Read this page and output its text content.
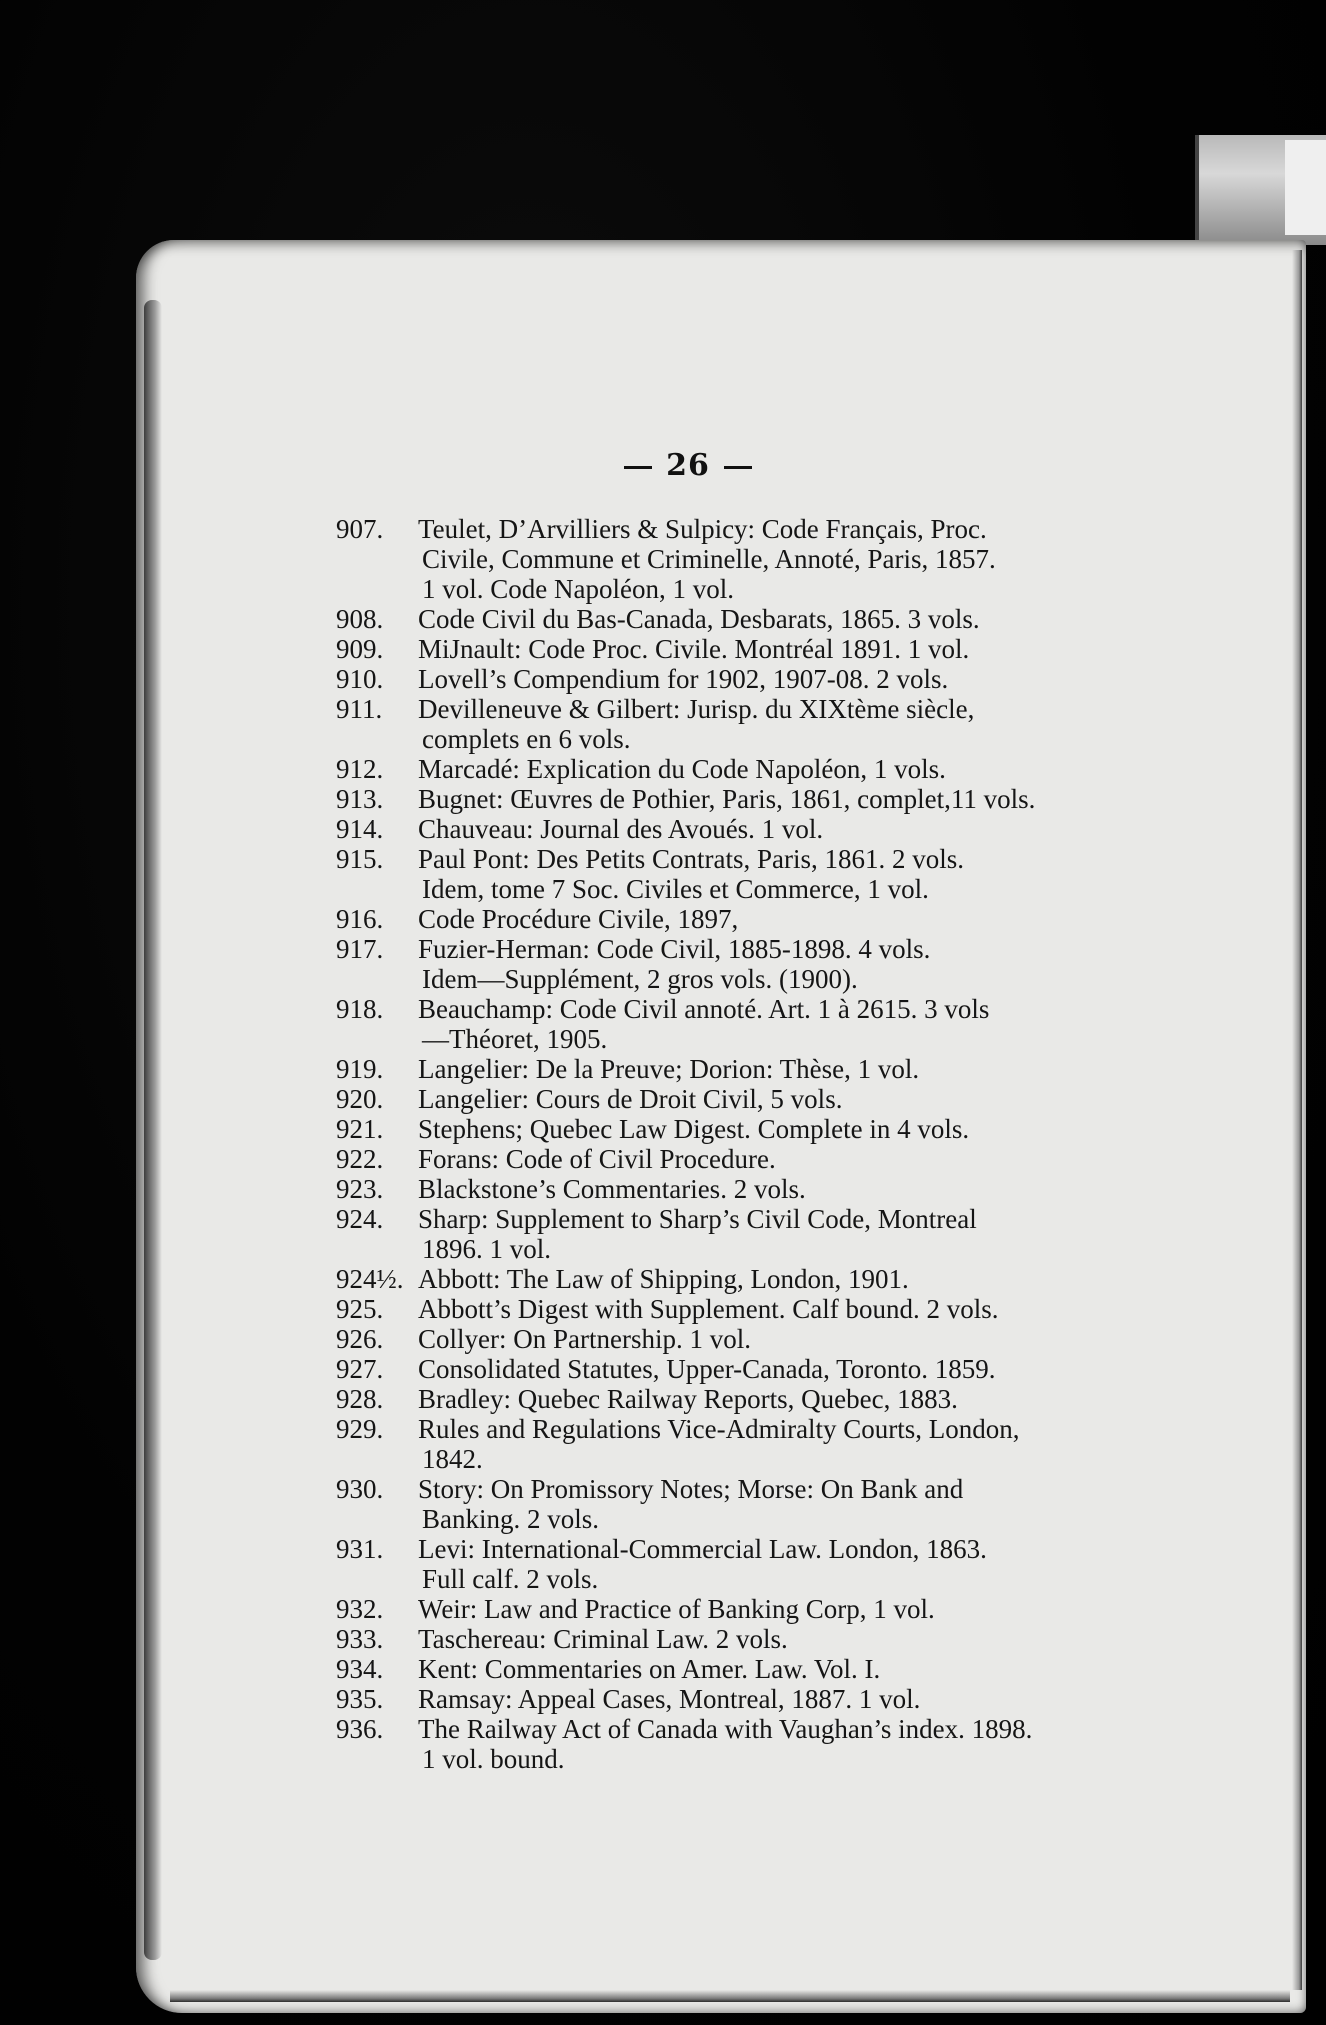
26
907.	Teulet, D’Arvilliers & Sulpicy: Code Français, Proc.
Civile, Commune et Criminelle, Annoté, Paris, 1857.
1 vol. Code Napoléon, 1 vol.
908.	Code Civil du Bas-Canada, Desbarats, 1865. 3 vols.
909.	MiJnault: Code Proc. Civile. Montréal 1891. 1 vol.
910.	Lovell’s Compendium for 1902, 1907-08. 2 vols.
911.	Devilleneuve & Gilbert: Jurisp. du XIXtème siècle,
complets en 6 vols.
912.	Marcadé: Explication du Code Napoléon, 1 vols.
913.	Bugnet: Œuvres de Pothier, Paris, 1861, complet,11 vols.
914.	Chauveau: Journal des Avoués. 1 vol.
915.	Paul Pont: Des Petits Contrats, Paris, 1861. 2 vols.
Idem, tome 7 Soc. Civiles et Commerce, 1 vol.
916.	Code Procédure Civile, 1897,
917.	Fuzier-Herman: Code Civil, 1885-1898. 4 vols.
Idem—Supplément, 2 gros vols. (1900).
918.	Beauchamp: Code Civil annoté. Art. 1 à 2615. 3 vols
—Théoret, 1905.
919.	Langelier: De la Preuve; Dorion: Thèse, 1 vol.
920.	Langelier: Cours de Droit Civil, 5 vols.
921.	Stephens; Quebec Law Digest. Complete in 4 vols.
922.	Forans: Code of Civil Procedure.
923.	Blackstone’s Commentaries. 2 vols.
924.	Sharp: Supplement to Sharp’s Civil Code, Montreal
1896. 1 vol.
924½. Abbott: The Law of Shipping, London, 1901.
925.	Abbott’s Digest with Supplement. Calf bound. 2 vols.
926.	Collyer: On Partnership. 1 vol.
927.	Consolidated Statutes, Upper-Canada, Toronto. 1859.
928.	Bradley: Quebec Railway Reports, Quebec, 1883.
929.	Rules and Regulations Vice-Admiralty Courts, London,
1842.
930.	Story: On Promissory Notes; Morse: On Bank and
Banking. 2 vols.
931.	Levi: International-Commercial Law. London, 1863.
Full calf. 2 vols.
932.	Weir: Law and Practice of Banking Corp, 1 vol.
933.	Taschereau: Criminal Law. 2 vols.
934.	Kent: Commentaries on Amer. Law. Vol. I.
935.	Ramsay: Appeal Cases, Montreal, 1887. 1 vol.
936.	The Railway Act of Canada with Vaughan’s index. 1898.
1 vol. bound.
